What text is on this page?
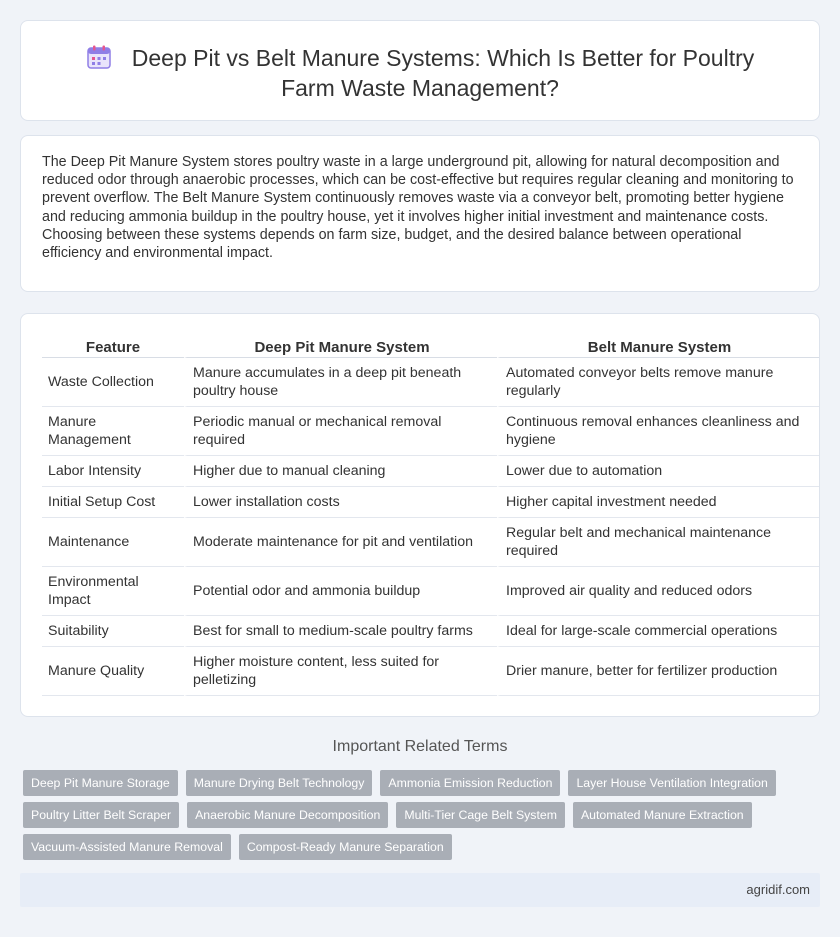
Deep Pit vs Belt Manure Systems: Which Is Better for Poultry Farm Waste Management?

The Deep Pit Manure System stores poultry waste in a large underground pit, allowing for natural decomposition and reduced odor through anaerobic processes, which can be cost-effective but requires regular cleaning and monitoring to prevent overflow. The Belt Manure System continuously removes waste via a conveyor belt, promoting better hygiene and reducing ammonia buildup in the poultry house, yet it involves higher initial investment and maintenance costs. Choosing between these systems depends on farm size, budget, and the desired balance between operational efficiency and environmental impact.

Feature	Deep Pit Manure System	Belt Manure System
Waste Collection	Manure accumulates in a deep pit beneath poultry house	Automated conveyor belts remove manure regularly
Manure Management	Periodic manual or mechanical removal required	Continuous removal enhances cleanliness and hygiene
Labor Intensity	Higher due to manual cleaning	Lower due to automation
Initial Setup Cost	Lower installation costs	Higher capital investment needed
Maintenance	Moderate maintenance for pit and ventilation	Regular belt and mechanical maintenance required
Environmental Impact	Potential odor and ammonia buildup	Improved air quality and reduced odors
Suitability	Best for small to medium-scale poultry farms	Ideal for large-scale commercial operations
Manure Quality	Higher moisture content, less suited for pelletizing	Drier manure, better for fertilizer production
Important Related Terms
Deep Pit Manure Storage	Manure Drying Belt Technology	Ammonia Emission Reduction	Layer House Ventilation Integration
Poultry Litter Belt Scraper	Anaerobic Manure Decomposition	Multi-Tier Cage Belt System	Automated Manure Extraction
Vacuum-Assisted Manure Removal	Compost-Ready Manure Separation
agridif.com
